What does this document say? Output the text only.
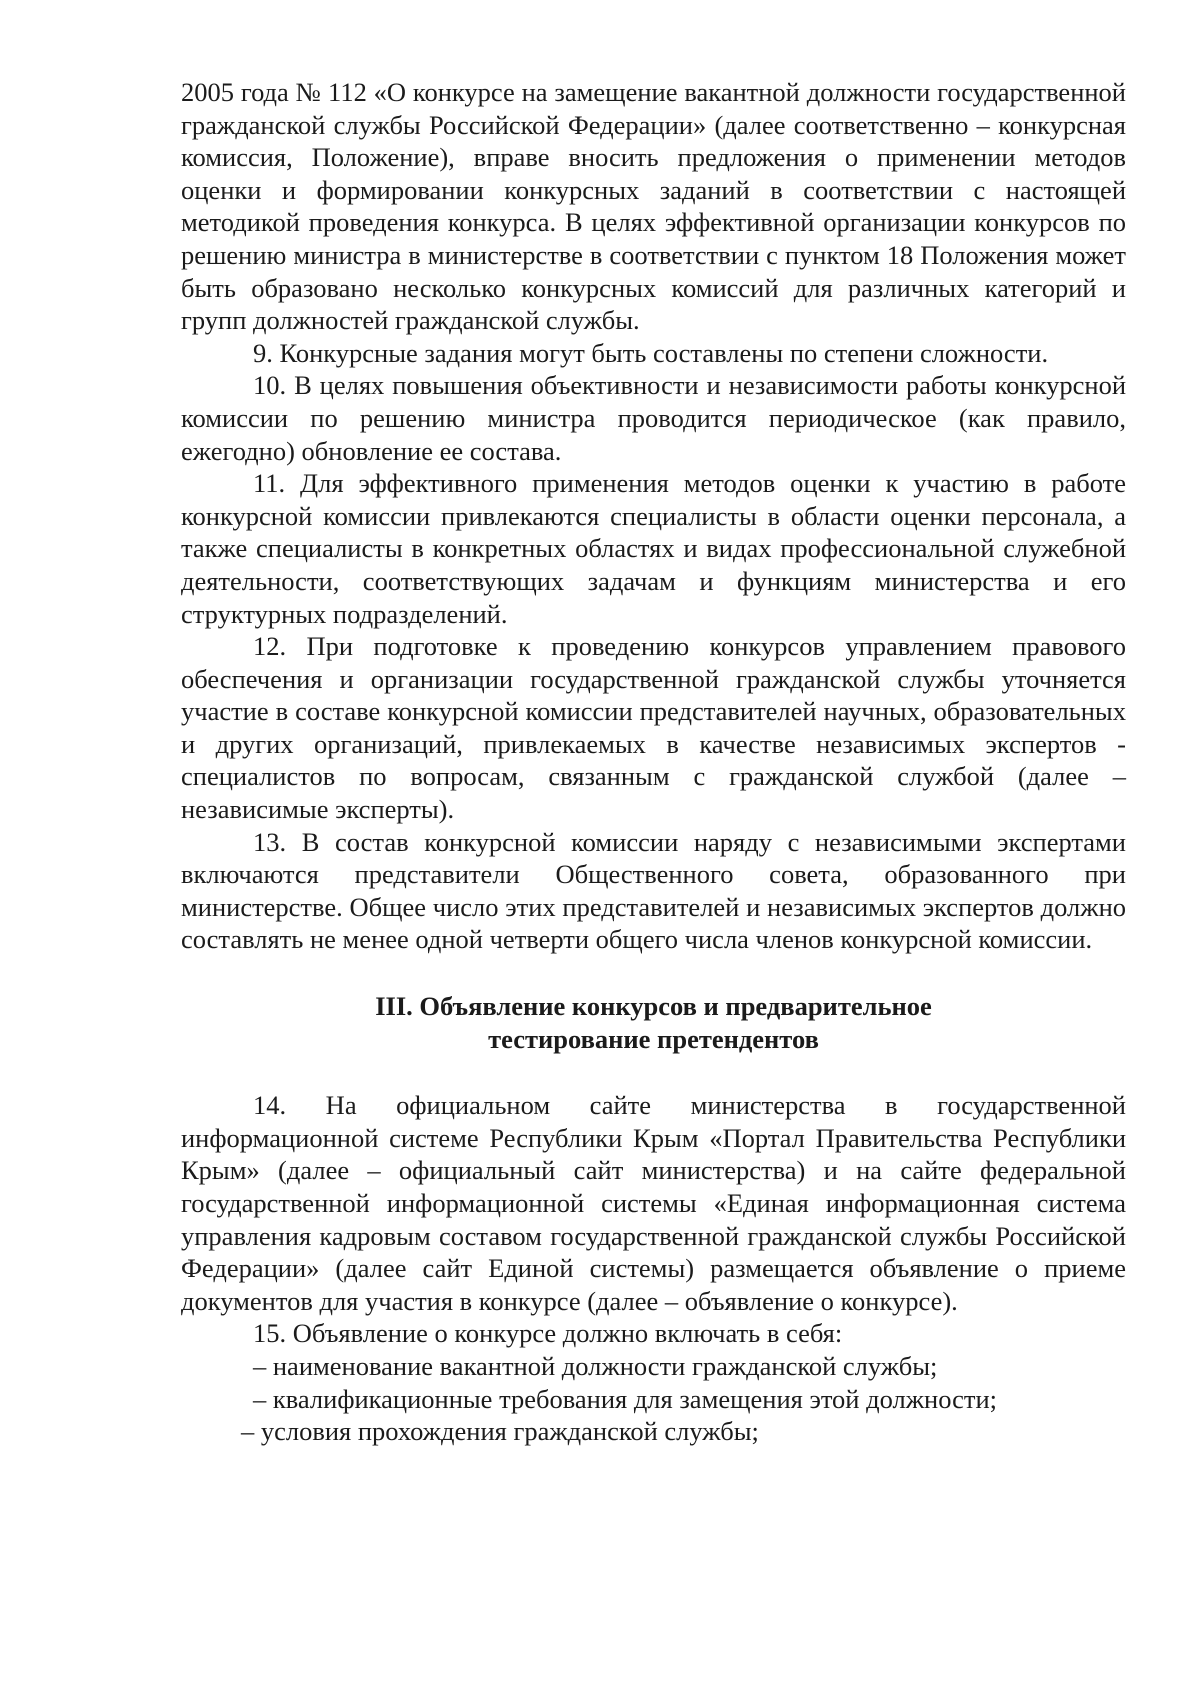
2005 года № 112 «О конкурсе на замещение вакантной должности государственной гражданской службы Российской Федерации» (далее соответственно – конкурсная комиссия, Положение), вправе вносить предложения о применении методов оценки и формировании конкурсных заданий в соответствии с настоящей методикой проведения конкурса. В целях эффективной организации конкурсов по решению министра в министерстве в соответствии с пунктом 18 Положения может быть образовано несколько конкурсных комиссий для различных категорий и групп должностей гражданской службы.

9. Конкурсные задания могут быть составлены по степени сложности.

10. В целях повышения объективности и независимости работы конкурсной комиссии по решению министра проводится периодическое (как правило, ежегодно) обновление ее состава.

11. Для эффективного применения методов оценки к участию в работе конкурсной комиссии привлекаются специалисты в области оценки персонала, а также специалисты в конкретных областях и видах профессиональной служебной деятельности, соответствующих задачам и функциям министерства и его структурных подразделений.

12. При подготовке к проведению конкурсов управлением правового обеспечения и организации государственной гражданской службы уточняется участие в составе конкурсной комиссии представителей научных, образовательных и других организаций, привлекаемых в качестве независимых экспертов - специалистов по вопросам, связанным с гражданской службой (далее – независимые эксперты).

13. В состав конкурсной комиссии наряду с независимыми экспертами включаются представители Общественного совета, образованного при министерстве. Общее число этих представителей и независимых экспертов должно составлять не менее одной четверти общего числа членов конкурсной комиссии.

III. Объявление конкурсов и предварительное
тестирование претендентов

14. На официальном сайте министерства в государственной информационной системе Республики Крым «Портал Правительства Республики Крым» (далее – официальный сайт министерства) и на сайте федеральной государственной информационной системы «Единая информационная система управления кадровым составом государственной гражданской службы Российской Федерации» (далее сайт Единой системы) размещается объявление о приеме документов для участия в конкурсе (далее – объявление о конкурсе).

15. Объявление о конкурсе должно включать в себя:

– наименование вакантной должности гражданской службы;

– квалификационные требования для замещения этой должности;

– условия прохождения гражданской службы;
